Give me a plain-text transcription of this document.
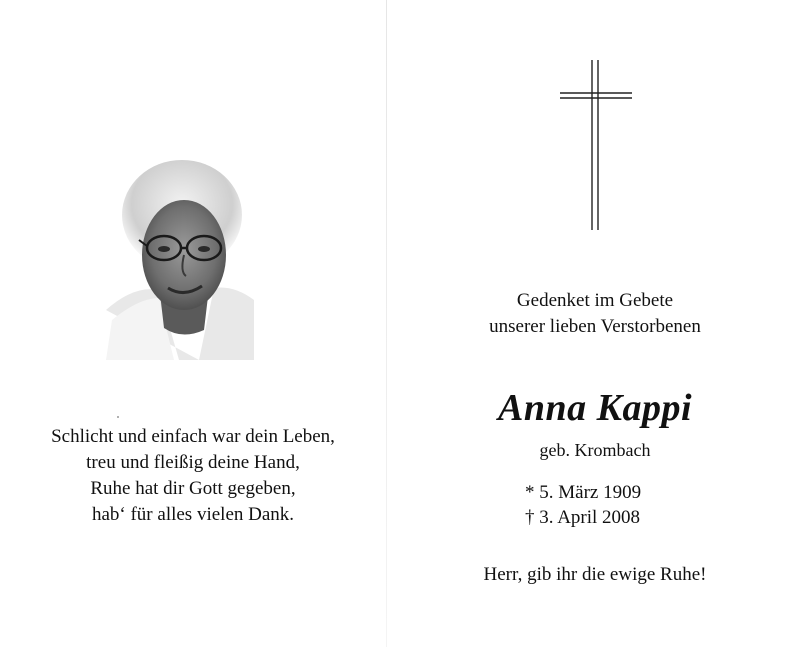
Schlicht und einfach war dein Leben,
treu und fleißig deine Hand,
Ruhe hat dir Gott gegeben,
hab‘ für alles vielen Dank.
Gedenket im Gebete
unserer lieben Verstorbenen
Anna Kappi
geb. Krombach
* 5. März 1909
† 3. April 2008
Herr, gib ihr die ewige Ruhe!
